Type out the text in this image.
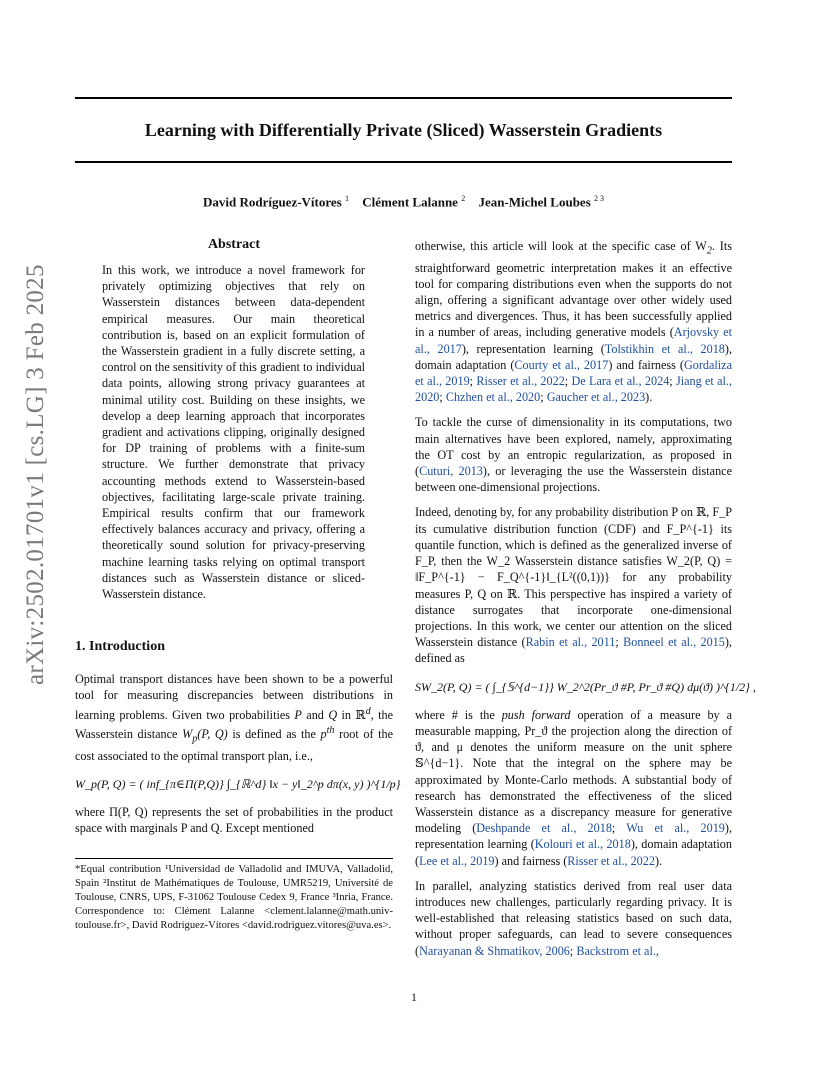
Learning with Differentially Private (Sliced) Wasserstein Gradients
David Rodríguez-Vítores $^1$ Clément Lalanne $^2$ Jean-Michel Loubes $^{2 3}$
arXiv:2502.01701v1 [cs.LG] 3 Feb 2025
Abstract

In this work, we introduce a novel framework for privately optimizing objectives that rely on Wasserstein distances between data-dependent empirical measures. Our main theoretical contribution is, based on an explicit formulation of the Wasserstein gradient in a fully discrete setting, a control on the sensitivity of this gradient to individual data points, allowing strong privacy guarantees at minimal utility cost. Building on these insights, we develop a deep learning approach that incorporates gradient and activations clipping, originally designed for DP training of problems with a finite-sum structure. We further demonstrate that privacy accounting methods extend to Wasserstein-based objectives, facilitating large-scale private training. Empirical results confirm that our framework effectively balances accuracy and privacy, offering a theoretically sound solution for privacy-preserving machine learning tasks relying on optimal transport distances such as Wasserstein distance or sliced-Wasserstein distance.

1. Introduction

Optimal transport distances have been shown to be a powerful tool for measuring discrepancies between distributions in learning problems. Given two probabilities P and Q in ℝ$^d$, the Wasserstein distance $W_p(P$, Q) is defined as the $p^{th}$ root of the cost associated to the optimal transport plan, i.e.,

W_p(P, Q) = ( inf_{π∈Π(P,Q)} ∫_{ℝ^d} ‖x − y‖_2^p dπ(x, y) )^{1/p}

where Π(P, Q) represents the set of probabilities in the product space with marginals P and Q. Except mentioned

*Equal contribution ¹Universidad de Valladolid and IMUVA, Valladolid, Spain ²Institut de Mathématiques de Toulouse, UMR5219, Université de Toulouse, CNRS, UPS, F-31062 Toulouse Cedex 9, France ³Inria, France. Correspondence to: Clément Lalanne <clement.lalanne@math.univ-toulouse.fr>, David Rodríguez-Vítores <david.rodriguez.vitores@uva.es>.

otherwise, this article will look at the specific case of $W_2$. Its straightforward geometric interpretation makes it an effective tool for comparing distributions even when the supports do not align, offering a significant advantage over other widely used metrics and divergences. Thus, it has been successfully applied in a number of areas, including generative models (Arjovsky et al., 2017), representation learning (Tolstikhin et al., 2018), domain adaptation (Courty et al., 2017) and fairness (Gordaliza et al., 2019; Risser et al., 2022; De Lara et al., 2024; Jiang et al., 2020; Chzhen et al., 2020; Gaucher et al., 2023).

To tackle the curse of dimensionality in its computations, two main alternatives have been explored, namely, approximating the OT cost by an entropic regularization, as proposed in (Cuturi, 2013), or leveraging the use the Wasserstein distance between one-dimensional projections.

Indeed, denoting by, for any probability distribution P on ℝ, F_P its cumulative distribution function (CDF) and F_P^{-1} its quantile function, which is defined as the generalized inverse of F_P, then the W_2 Wasserstein distance satisfies W_2(P, Q) = ‖F_P^{-1} − F_Q^{-1}‖_{L²((0,1))} for any probability measures P, Q on ℝ. This perspective has inspired a variety of distance surrogates that incorporate one-dimensional projections. In this work, we center our attention on the sliced Wasserstein distance (Rabin et al., 2011; Bonneel et al., 2015), defined as

SW_2(P, Q) = ( ∫_{𝕊^{d−1}} W_2^2(Pr_ϑ #P, Pr_ϑ #Q) dμ(ϑ) )^{1/2} ,

where # is the push forward operation of a measure by a measurable mapping, Pr_ϑ the projection along the direction of ϑ, and μ denotes the uniform measure on the unit sphere 𝕊^{d−1}. Note that the integral on the sphere may be approximated by Monte-Carlo methods. A substantial body of research has demonstrated the effectiveness of the sliced Wasserstein distance as a discrepancy measure for generative modeling (Deshpande et al., 2018; Wu et al., 2019), representation learning (Kolouri et al., 2018), domain adaptation (Lee et al., 2019) and fairness (Risser et al., 2022).

In parallel, analyzing statistics derived from real user data introduces new challenges, particularly regarding privacy. It is well-established that releasing statistics based on such data, without proper safeguards, can lead to severe consequences (Narayanan & Shmatikov, 2006; Backstrom et al.,

1
